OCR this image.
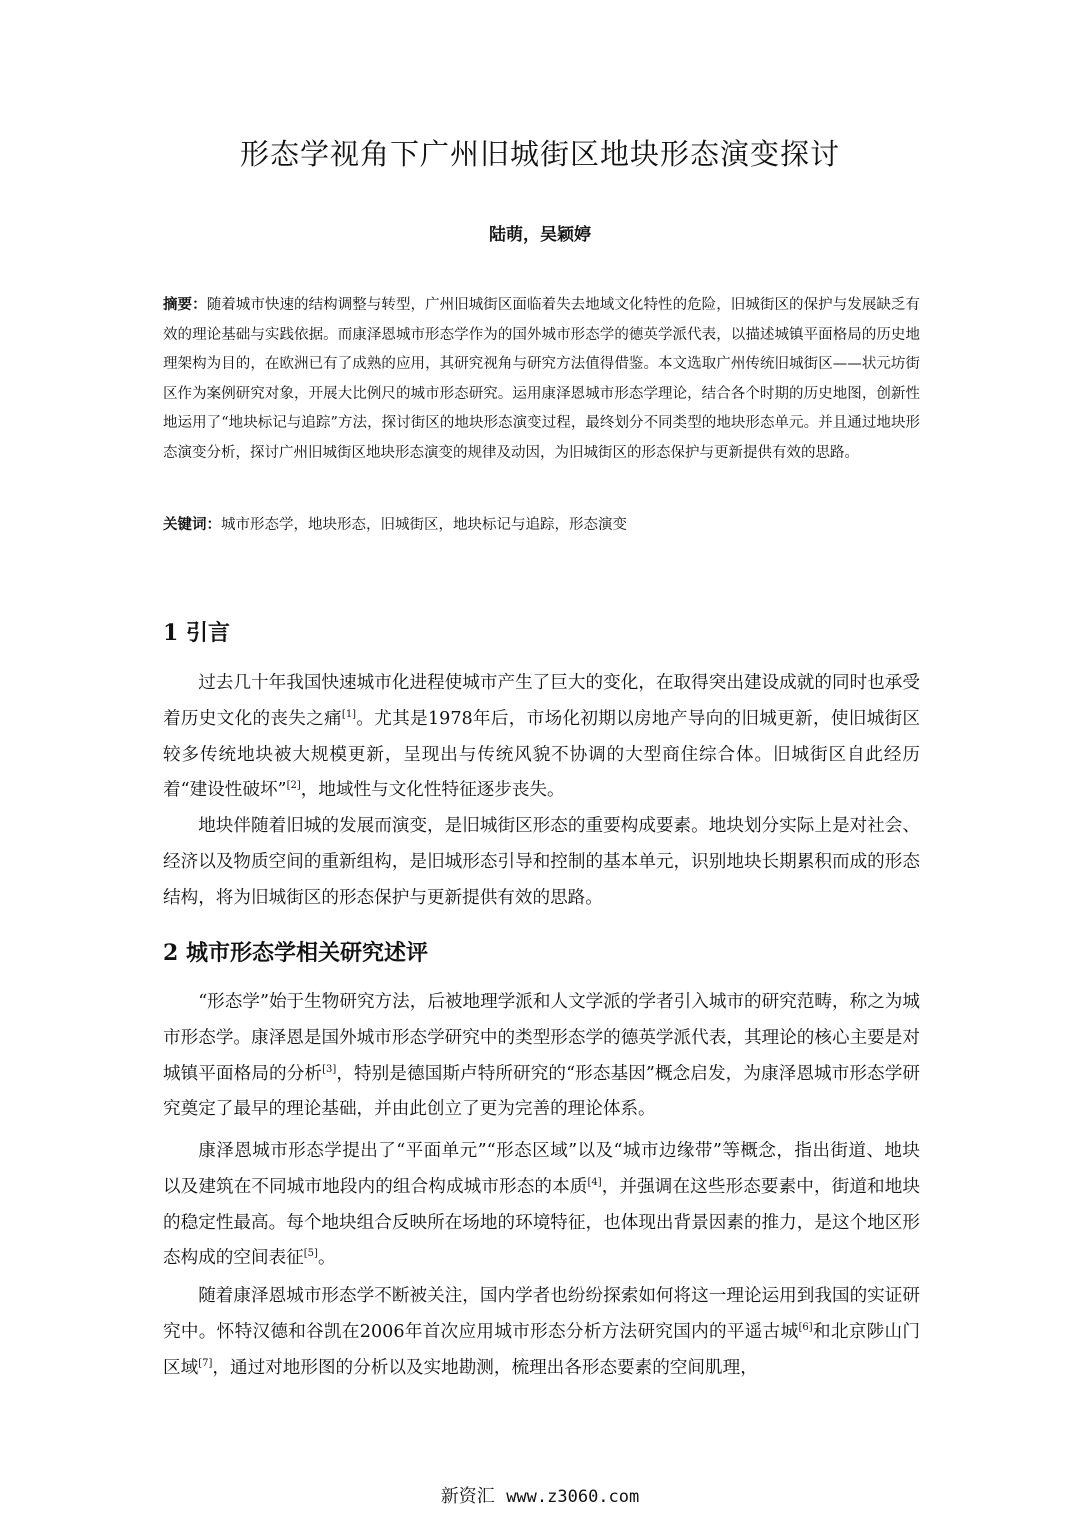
形态学视角下广州旧城街区地块形态演变探讨

陆萌，吴颖婷

摘要：随着城市快速的结构调整与转型，广州旧城街区面临着失去地域文化特性的危险，旧城街区的保护与发展缺乏有效的理论基础与实践依据。而康泽恩城市形态学作为的国外城市形态学的德英学派代表，以描述城镇平面格局的历史地理架构为目的，在欧洲已有了成熟的应用，其研究视角与研究方法值得借鉴。本文选取广州传统旧城街区——状元坊街区作为案例研究对象，开展大比例尺的城市形态研究。运用康泽恩城市形态学理论，结合各个时期的历史地图，创新性地运用了“地块标记与追踪”方法，探讨街区的地块形态演变过程，最终划分不同类型的地块形态单元。并且通过地块形态演变分析，探讨广州旧城街区地块形态演变的规律及动因，为旧城街区的形态保护与更新提供有效的思路。

关键词：城市形态学，地块形态，旧城街区，地块标记与追踪，形态演变

1 引言

过去几十年我国快速城市化进程使城市产生了巨大的变化，在取得突出建设成就的同时也承受着历史文化的丧失之痛[1]。尤其是1978年后，市场化初期以房地产导向的旧城更新，使旧城街区较多传统地块被大规模更新，呈现出与传统风貌不协调的大型商住综合体。旧城街区自此经历着“建设性破坏”[2]，地域性与文化性特征逐步丧失。

地块伴随着旧城的发展而演变，是旧城街区形态的重要构成要素。地块划分实际上是对社会、经济以及物质空间的重新组构，是旧城形态引导和控制的基本单元，识别地块长期累积而成的形态结构，将为旧城街区的形态保护与更新提供有效的思路。

2 城市形态学相关研究述评

“形态学”始于生物研究方法，后被地理学派和人文学派的学者引入城市的研究范畴，称之为城市形态学。康泽恩是国外城市形态学研究中的类型形态学的德英学派代表，其理论的核心主要是对城镇平面格局的分析[3]，特别是德国斯卢特所研究的“形态基因”概念启发，为康泽恩城市形态学研究奠定了最早的理论基础，并由此创立了更为完善的理论体系。

康泽恩城市形态学提出了“平面单元”“形态区域”以及“城市边缘带”等概念，指出街道、地块以及建筑在不同城市地段内的组合构成城市形态的本质[4]，并强调在这些形态要素中，街道和地块的稳定性最高。每个地块组合反映所在场地的环境特征，也体现出背景因素的推力，是这个地区形态构成的空间表征[5]。

随着康泽恩城市形态学不断被关注，国内学者也纷纷探索如何将这一理论运用到我国的实证研究中。怀特汉德和谷凯在2006年首次应用城市形态分析方法研究国内的平遥古城[6]和北京陟山门区域[7]，通过对地形图的分析以及实地勘测，梳理出各形态要素的空间肌理，

新资汇 www.z3060.com
